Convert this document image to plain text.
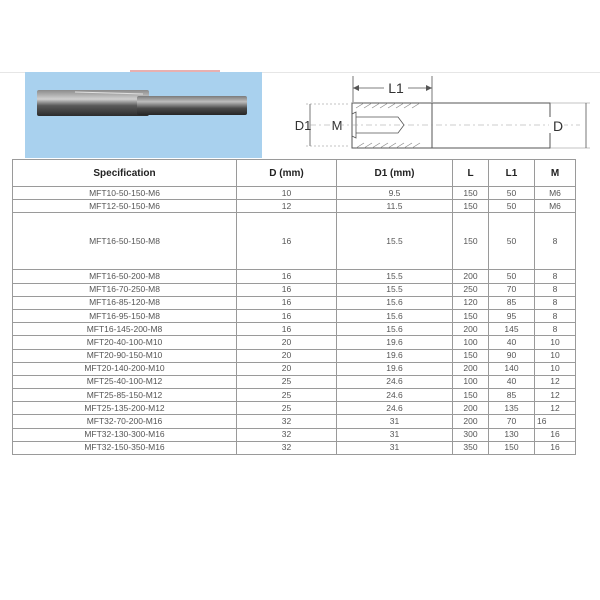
L1
D1 M	D
Specification	D (mm)	D1 (mm)	L	L1	M
MFT10-50-150-M6	10	9.5	150	50	M6
MFT12-50-150-M6	12	11.5	150	50	M6
MFT16-50-150-M8	16	15.5	150	50	8
MFT16-50-200-M8	16	15.5	200	50	8
MFT16-70-250-M8	16	15.5	250	70	8
MFT16-85-120-M8	16	15.6	120	85	8
MFT16-95-150-M8	16	15.6	150	95	8
MFT16-145-200-M8	16	15.6	200	145	8
MFT20-40-100-M10	20	19.6	100	40	10
MFT20-90-150-M10	20	19.6	150	90	10
MFT20-140-200-M10	20	19.6	200	140	10
MFT25-40-100-M12	25	24.6	100	40	12
MFT25-85-150-M12	25	24.6	150	85	12
MFT25-135-200-M12	25	24.6	200	135	12
MFT32-70-200-M16	32	31	200	70	16
MFT32-130-300-M16	32	31	300	130	16
MFT32-150-350-M16	32	31	350	150	16
